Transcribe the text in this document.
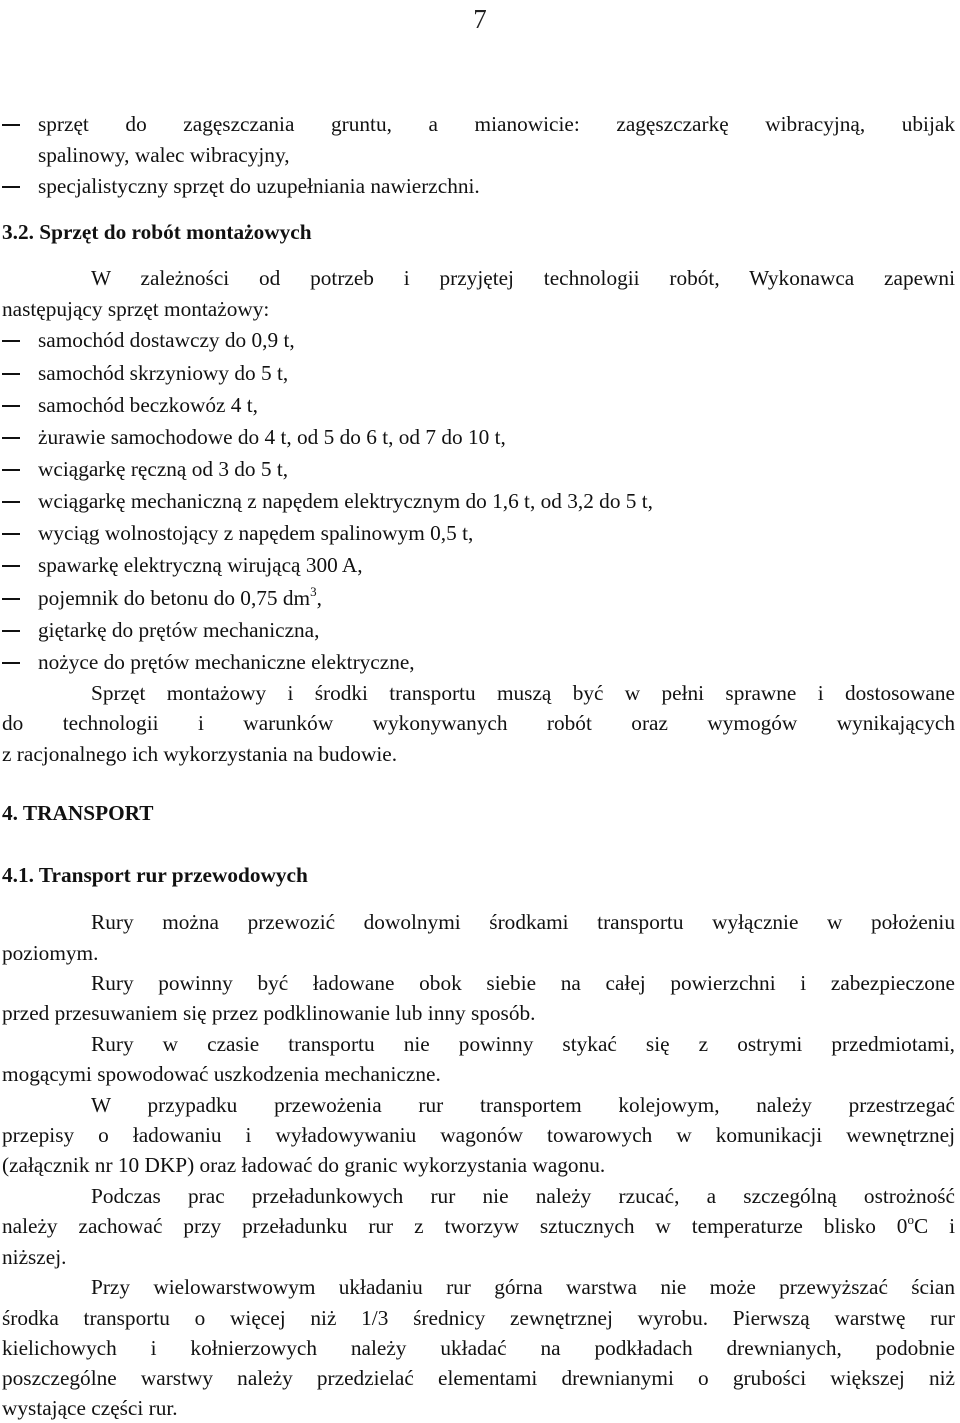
7
sprzęt do zagęszczania gruntu, a mianowicie: zagęszczarkę wibracyjną, ubijak
spalinowy, walec wibracyjny,
specjalistyczny sprzęt do uzupełniania nawierzchni.
3.2. Sprzęt do robót montażowych
W zależności od potrzeb i przyjętej technologii robót, Wykonawca zapewni
następujący sprzęt montażowy:
samochód dostawczy do 0,9 t,
samochód skrzyniowy do 5 t,
samochód beczkowóz 4 t,
żurawie samochodowe do 4 t, od 5 do 6 t, od 7 do 10 t,
wciągarkę ręczną od 3 do 5 t,
wciągarkę mechaniczną z napędem elektrycznym do 1,6 t, od 3,2 do 5 t,
wyciąg wolnostojący z napędem spalinowym 0,5 t,
spawarkę elektryczną wirującą 300 A,
pojemnik do betonu do 0,75 $dm^3$,
giętarkę do prętów mechaniczna,
nożyce do prętów mechaniczne elektryczne,
Sprzęt montażowy i środki transportu muszą być w pełni sprawne i dostosowane
do technologii i warunków wykonywanych robót oraz wymogów wynikających
z racjonalnego ich wykorzystania na budowie.
4. TRANSPORT
4.1. Transport rur przewodowych
Rury można przewozić dowolnymi środkami transportu wyłącznie w położeniu
poziomym.
Rury powinny być ładowane obok siebie na całej powierzchni i zabezpieczone
przed przesuwaniem się przez podklinowanie lub inny sposób.
Rury w czasie transportu nie powinny stykać się z ostrymi przedmiotami,
mogącymi spowodować uszkodzenia mechaniczne.
W przypadku przewożenia rur transportem kolejowym, należy przestrzegać
przepisy o ładowaniu i wyładowywaniu wagonów towarowych w komunikacji wewnętrznej
(załącznik nr 10 DKP) oraz ładować do granic wykorzystania wagonu.
Podczas prac przeładunkowych rur nie należy rzucać, a szczególną ostrożność
należy zachować przy przeładunku rur z tworzyw sztucznych w temperaturze blisko 0$^o$C i
niższej.
Przy wielowarstwowym układaniu rur górna warstwa nie może przewyższać ścian
środka transportu o więcej niż 1/3 średnicy zewnętrznej wyrobu. Pierwszą warstwę rur
kielichowych i kołnierzowych należy układać na podkładach drewnianych, podobnie
poszczególne warstwy należy przedzielać elementami drewnianymi o grubości większej niż
wystające części rur.
